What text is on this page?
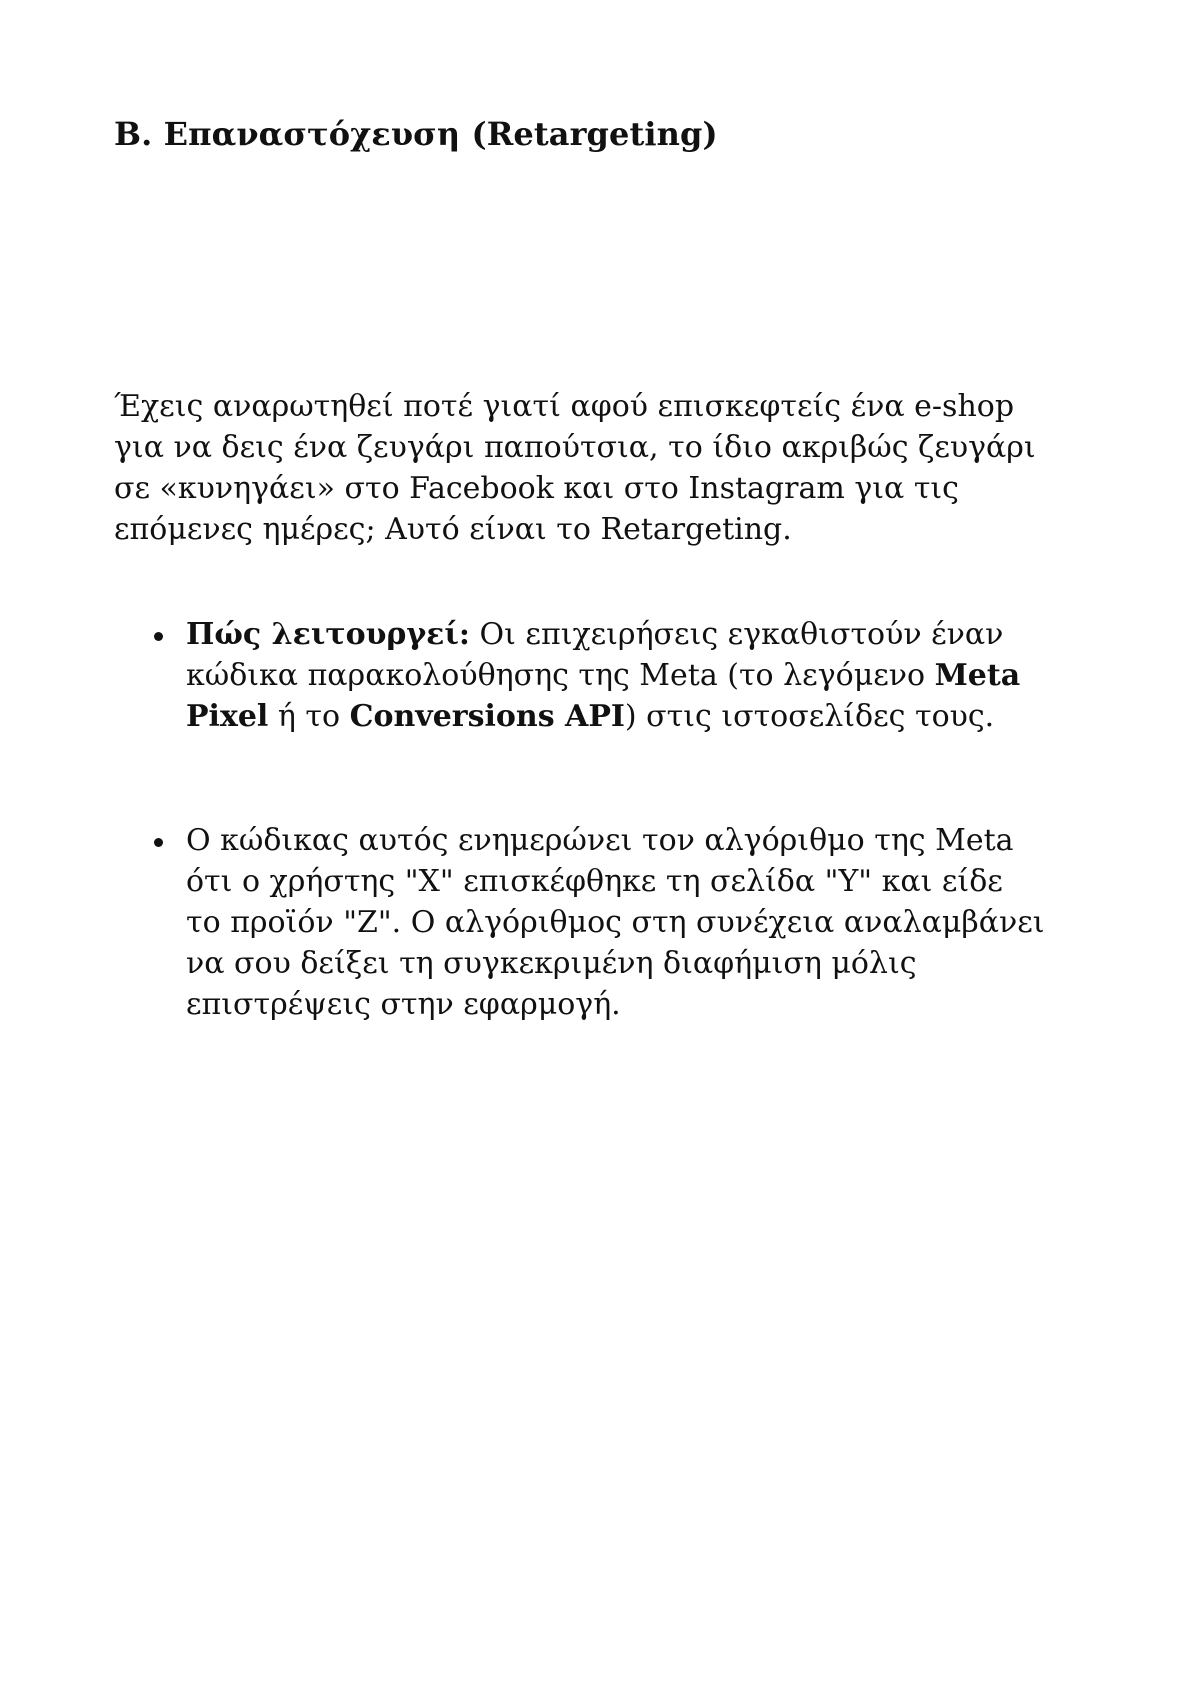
B. Επαναστόχευση (Retargeting)

Έχεις αναρωτηθεί ποτέ γιατί αφού επισκεφτείς ένα e-shop
για να δεις ένα ζευγάρι παπούτσια, το ίδιο ακριβώς ζευγάρι
σε «κυνηγάει» στο Facebook και στο Instagram για τις
επόμενες ημέρες; Αυτό είναι το Retargeting.

Πώς λειτουργεί: Οι επιχειρήσεις εγκαθιστούν έναν
κώδικα παρακολούθησης της Meta (το λεγόμενο Meta
Pixel ή το Conversions API) στις ιστοσελίδες τους.
Ο κώδικας αυτός ενημερώνει τον αλγόριθμο της Meta
ότι ο χρήστης "X" επισκέφθηκε τη σελίδα "Y" και είδε
το προϊόν "Z". Ο αλγόριθμος στη συνέχεια αναλαμβάνει
να σου δείξει τη συγκεκριμένη διαφήμιση μόλις
επιστρέψεις στην εφαρμογή.
